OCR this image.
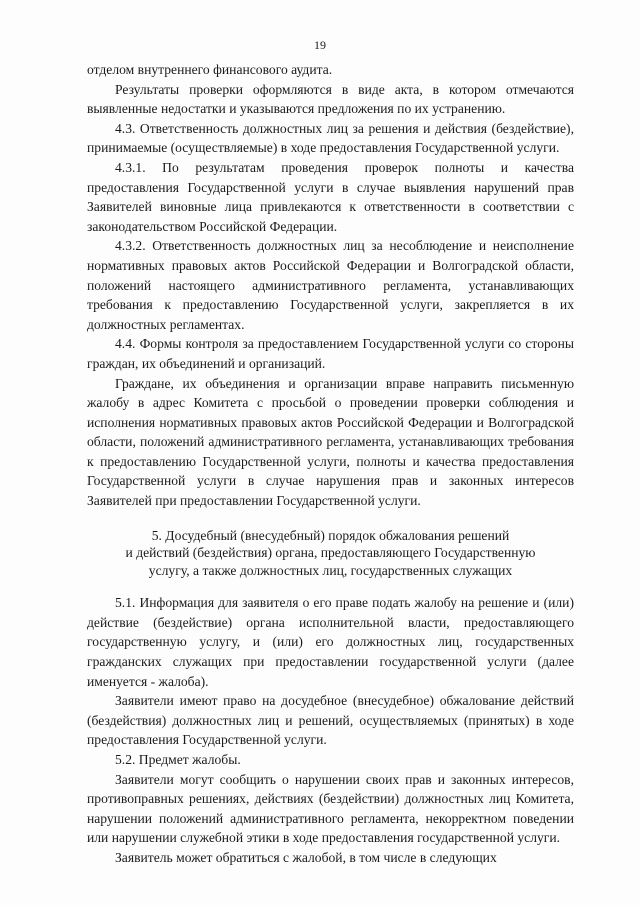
19

отделом внутреннего финансового аудита.

Результаты проверки оформляются в виде акта, в котором отмечаются выявленные недостатки и указываются предложения по их устранению.

4.3. Ответственность должностных лиц за решения и действия (бездействие), принимаемые (осуществляемые) в ходе предоставления Государственной услуги.

4.3.1. По результатам проведения проверок полноты и качества предоставления Государственной услуги в случае выявления нарушений прав Заявителей виновные лица привлекаются к ответственности в соответствии с законодательством Российской Федерации.

4.3.2. Ответственность должностных лиц за несоблюдение и неисполнение нормативных правовых актов Российской Федерации и Волгоградской области, положений настоящего административного регламента, устанавливающих требования к предоставлению Государственной услуги, закрепляется в их должностных регламентах.

4.4. Формы контроля за предоставлением Государственной услуги со стороны граждан, их объединений и организаций.

Граждане, их объединения и организации вправе направить письменную жалобу в адрес Комитета с просьбой о проведении проверки соблюдения и исполнения нормативных правовых актов Российской Федерации и Волгоградской области, положений административного регламента, устанавливающих требования к предоставлению Государственной услуги, полноты и качества предоставления Государственной услуги в случае нарушения прав и законных интересов Заявителей при предоставлении Государственной услуги.

5. Досудебный (внесудебный) порядок обжалования решений
и действий (бездействия) органа, предоставляющего Государственную
услугу, а также должностных лиц, государственных служащих

5.1. Информация для заявителя о его праве подать жалобу на решение и (или) действие (бездействие) органа исполнительной власти, предоставляющего государственную услугу, и (или) его должностных лиц, государственных гражданских служащих при предоставлении государственной услуги (далее именуется - жалоба).

Заявители имеют право на досудебное (внесудебное) обжалование действий (бездействия) должностных лиц и решений, осуществляемых (принятых) в ходе предоставления Государственной услуги.

5.2. Предмет жалобы.

Заявители могут сообщить о нарушении своих прав и законных интересов, противоправных решениях, действиях (бездействии) должностных лиц Комитета, нарушении положений административного регламента, некорректном поведении или нарушении служебной этики в ходе предоставления государственной услуги.

Заявитель может обратиться с жалобой, в том числе в следующих
